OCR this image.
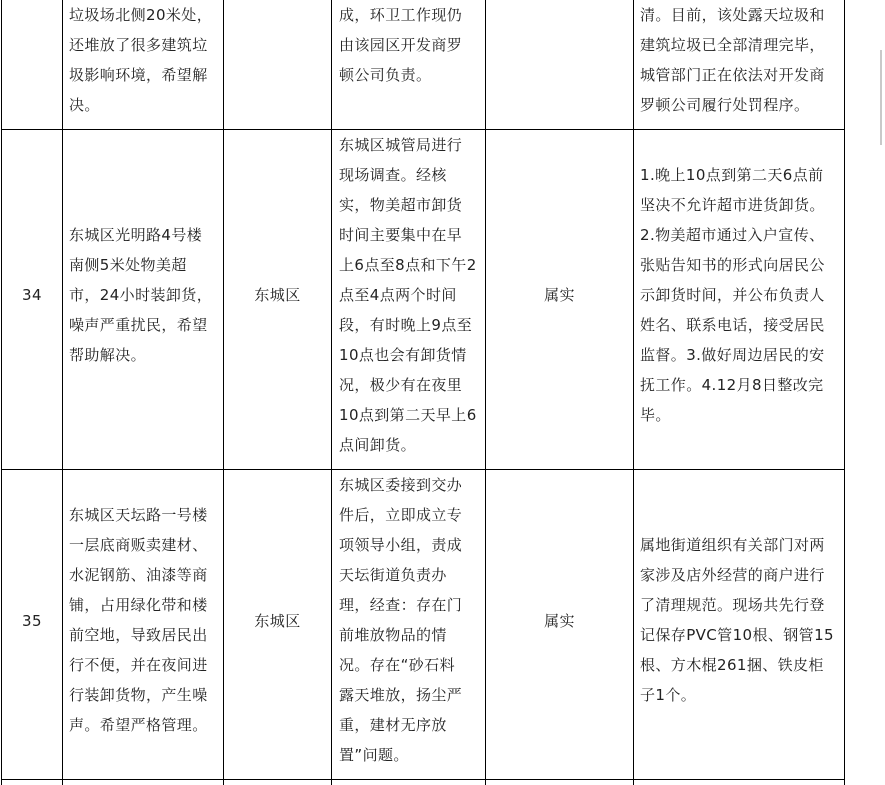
垃圾场北侧20米处，
还堆放了很多建筑垃
圾影响环境，希望解
决。
成，环卫工作现仍
由该园区开发商罗
顿公司负责。
清。目前，该处露天垃圾和
建筑垃圾已全部清理完毕，
城管部门正在依法对开发商
罗顿公司履行处罚程序。
34
东城区光明路4号楼
南侧5米处物美超
市，24小时装卸货，
噪声严重扰民，希望
帮助解决。
东城区
东城区城管局进行
现场调查。经核
实，物美超市卸货
时间主要集中在早
上6点至8点和下午2
点至4点两个时间
段，有时晚上9点至
10点也会有卸货情
况，极少有在夜里
10点到第二天早上6
点间卸货。
属实
1.晚上10点到第二天6点前
坚决不允许超市进货卸货。
2.物美超市通过入户宣传、
张贴告知书的形式向居民公
示卸货时间，并公布负责人
姓名、联系电话，接受居民
监督。3.做好周边居民的安
抚工作。4.12月8日整改完
毕。
35
东城区天坛路一号楼
一层底商贩卖建材、
水泥钢筋、油漆等商
铺，占用绿化带和楼
前空地，导致居民出
行不便，并在夜间进
行装卸货物，产生噪
声。希望严格管理。
东城区
东城区委接到交办
件后，立即成立专
项领导小组，责成
天坛街道负责办
理，经查：存在门
前堆放物品的情
况。存在“砂石料
露天堆放，扬尘严
重，建材无序放
置”问题。
属实
属地街道组织有关部门对两
家涉及店外经营的商户进行
了清理规范。现场共先行登
记保存PVC管10根、钢管15
根、方木棍261捆、铁皮柜
子1个。
